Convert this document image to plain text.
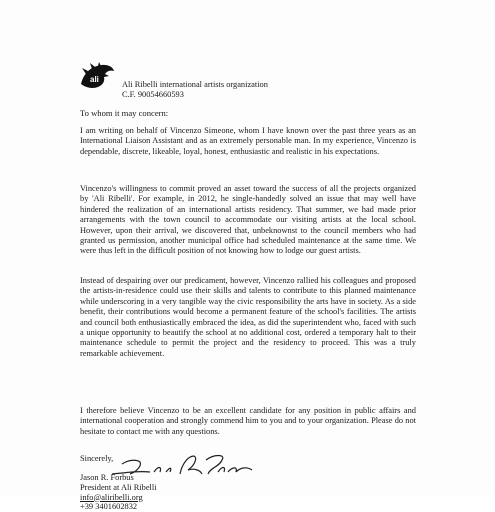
ali
Ali Ribelli international artists organization
C.F. 90054660593
To whom it may concern:

I am writing on behalf of Vincenzo Simeone, whom I have known over the past three years as an International Liaison Assistant and as an extremely personable man. In my experience, Vincenzo is dependable, discrete, likeable, loyal, honest, enthusiastic and realistic in his expectations.

Vincenzo's willingness to commit proved an asset toward the success of all the projects organized by 'Ali Ribelli'. For example, in 2012, he single-handedly solved an issue that may well have hindered the realization of an international artists residency. That summer, we had made prior arrangements with the town council to accommodate our visiting artists at the local school. However, upon their arrival, we discovered that, unbeknownst to the council members who had granted us permission, another municipal office had scheduled maintenance at the same time. We were thus left in the difficult position of not knowing how to lodge our guest artists.

Instead of despairing over our predicament, however, Vincenzo rallied his colleagues and proposed the artists-in-residence could use their skills and talents to contribute to this planned maintenance while underscoring in a very tangible way the civic responsibility the arts have in society. As a side benefit, their contributions would become a permanent feature of the school's facilities. The artists and council both enthusiastically embraced the idea, as did the superintendent who, faced with such a unique opportunity to beautify the school at no additional cost, ordered a temporary halt to their maintenance schedule to permit the project and the residency to proceed. This was a truly remarkable achievement.

I therefore believe Vincenzo to be an excellent candidate for any position in public affairs and international cooperation and strongly commend him to you and to your organization. Please do not hesitate to contact me with any questions.

Sincerely,
Jason R. Forbus
President at Ali Ribelli
info@aliribelli.org
+39 3401602832
